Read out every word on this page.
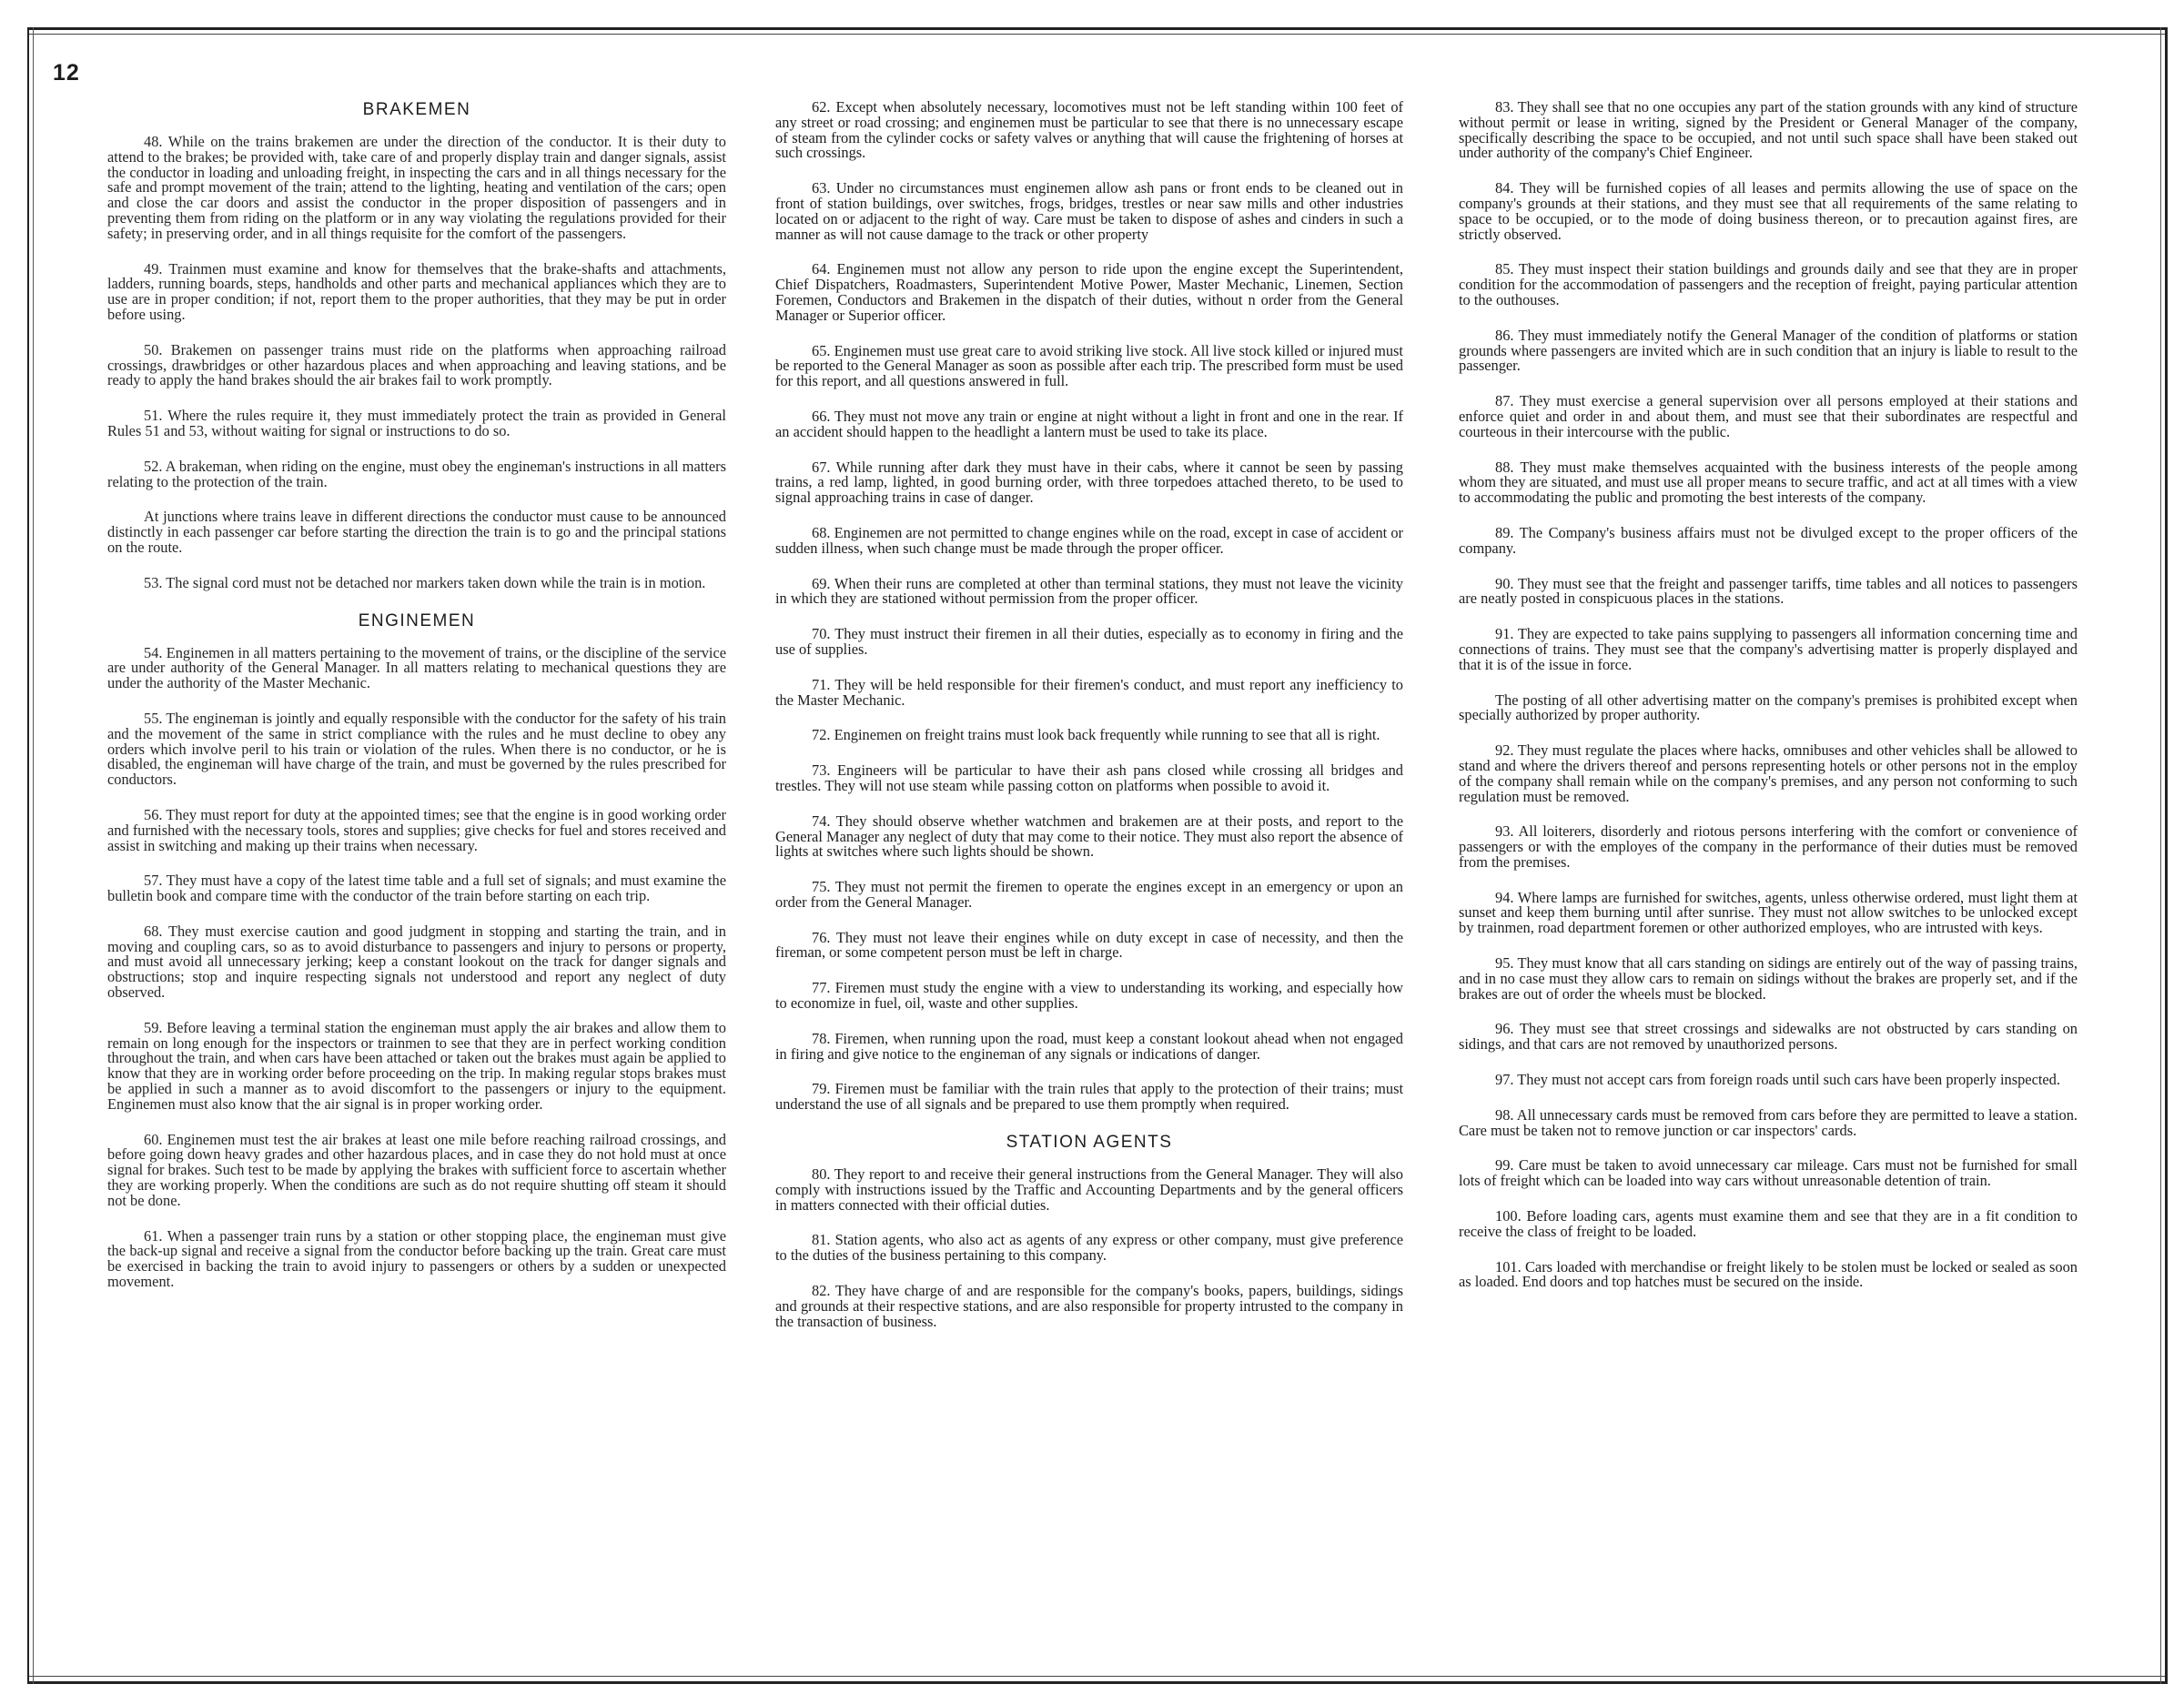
12
BRAKEMEN

48. While on the trains brakemen are under the direction of the conductor. It is their duty to attend to the brakes; be provided with, take care of and properly display train and danger signals, assist the conductor in loading and unloading freight, in inspecting the cars and in all things necessary for the safe and prompt movement of the train; attend to the lighting, heating and ventilation of the cars; open and close the car doors and assist the conductor in the proper disposition of passengers and in preventing them from riding on the platform or in any way violating the regulations provided for their safety; in preserving order, and in all things requisite for the comfort of the passengers.

49. Trainmen must examine and know for themselves that the brake-shafts and attachments, ladders, running boards, steps, handholds and other parts and mechanical appliances which they are to use are in proper condition; if not, report them to the proper authorities, that they may be put in order before using.

50. Brakemen on passenger trains must ride on the platforms when approaching railroad crossings, drawbridges or other hazardous places and when approaching and leaving stations, and be ready to apply the hand brakes should the air brakes fail to work promptly.

51. Where the rules require it, they must immediately protect the train as provided in General Rules 51 and 53, without waiting for signal or instructions to do so.

52. A brakeman, when riding on the engine, must obey the engineman's instructions in all matters relating to the protection of the train.

At junctions where trains leave in different directions the conductor must cause to be announced distinctly in each passenger car before starting the direction the train is to go and the principal stations on the route.

53. The signal cord must not be detached nor markers taken down while the train is in motion.

ENGINEMEN

54. Enginemen in all matters pertaining to the movement of trains, or the discipline of the service are under authority of the General Manager. In all matters relating to mechanical questions they are under the authority of the Master Mechanic.

55. The engineman is jointly and equally responsible with the conductor for the safety of his train and the movement of the same in strict compliance with the rules and he must decline to obey any orders which involve peril to his train or violation of the rules. When there is no conductor, or he is disabled, the engineman will have charge of the train, and must be governed by the rules prescribed for conductors.

56. They must report for duty at the appointed times; see that the engine is in good working order and furnished with the necessary tools, stores and supplies; give checks for fuel and stores received and assist in switching and making up their trains when necessary.

57. They must have a copy of the latest time table and a full set of signals; and must examine the bulletin book and compare time with the conductor of the train before starting on each trip.

68. They must exercise caution and good judgment in stopping and starting the train, and in moving and coupling cars, so as to avoid disturbance to passengers and injury to persons or property, and must avoid all unnecessary jerking; keep a constant lookout on the track for danger signals and obstructions; stop and inquire respecting signals not understood and report any neglect of duty observed.

59. Before leaving a terminal station the engineman must apply the air brakes and allow them to remain on long enough for the inspectors or trainmen to see that they are in perfect working condition throughout the train, and when cars have been attached or taken out the brakes must again be applied to know that they are in working order before proceeding on the trip. In making regular stops brakes must be applied in such a manner as to avoid discomfort to the passengers or injury to the equipment. Enginemen must also know that the air signal is in proper working order.

60. Enginemen must test the air brakes at least one mile before reaching railroad crossings, and before going down heavy grades and other hazardous places, and in case they do not hold must at once signal for brakes. Such test to be made by applying the brakes with sufficient force to ascertain whether they are working properly. When the conditions are such as do not require shutting off steam it should not be done.

61. When a passenger train runs by a station or other stopping place, the engineman must give the back-up signal and receive a signal from the conductor before backing up the train. Great care must be exercised in backing the train to avoid injury to passengers or others by a sudden or unexpected movement.

62. Except when absolutely necessary, locomotives must not be left standing within 100 feet of any street or road crossing; and enginemen must be particular to see that there is no unnecessary escape of steam from the cylinder cocks or safety valves or anything that will cause the frightening of horses at such crossings.

63. Under no circumstances must enginemen allow ash pans or front ends to be cleaned out in front of station buildings, over switches, frogs, bridges, trestles or near saw mills and other industries located on or adjacent to the right of way. Care must be taken to dispose of ashes and cinders in such a manner as will not cause damage to the track or other property

64. Enginemen must not allow any person to ride upon the engine except the Superintendent, Chief Dispatchers, Roadmasters, Superintendent Motive Power, Master Mechanic, Linemen, Section Foremen, Conductors and Brakemen in the dispatch of their duties, without n order from the General Manager or Superior officer.

65. Enginemen must use great care to avoid striking live stock. All live stock killed or injured must be reported to the General Manager as soon as possible after each trip. The prescribed form must be used for this report, and all questions answered in full.

66. They must not move any train or engine at night without a light in front and one in the rear. If an accident should happen to the headlight a lantern must be used to take its place.

67. While running after dark they must have in their cabs, where it cannot be seen by passing trains, a red lamp, lighted, in good burning order, with three torpedoes attached thereto, to be used to signal approaching trains in case of danger.

68. Enginemen are not permitted to change engines while on the road, except in case of accident or sudden illness, when such change must be made through the proper officer.

69. When their runs are completed at other than terminal stations, they must not leave the vicinity in which they are stationed without permission from the proper officer.

70. They must instruct their firemen in all their duties, especially as to economy in firing and the use of supplies.

71. They will be held responsible for their firemen's conduct, and must report any inefficiency to the Master Mechanic.

72. Enginemen on freight trains must look back frequently while running to see that all is right.

73. Engineers will be particular to have their ash pans closed while crossing all bridges and trestles. They will not use steam while passing cotton on platforms when possible to avoid it.

74. They should observe whether watchmen and brakemen are at their posts, and report to the General Manager any neglect of duty that may come to their notice. They must also report the absence of lights at switches where such lights should be shown.

75. They must not permit the firemen to operate the engines except in an emergency or upon an order from the General Manager.

76. They must not leave their engines while on duty except in case of necessity, and then the fireman, or some competent person must be left in charge.

77. Firemen must study the engine with a view to understanding its working, and especially how to economize in fuel, oil, waste and other supplies.

78. Firemen, when running upon the road, must keep a constant lookout ahead when not engaged in firing and give notice to the engineman of any signals or indications of danger.

79. Firemen must be familiar with the train rules that apply to the protection of their trains; must understand the use of all signals and be prepared to use them promptly when required.

STATION AGENTS

80. They report to and receive their general instructions from the General Manager. They will also comply with instructions issued by the Traffic and Accounting Departments and by the general officers in matters connected with their official duties.

81. Station agents, who also act as agents of any express or other company, must give preference to the duties of the business pertaining to this company.

82. They have charge of and are responsible for the company's books, papers, buildings, sidings and grounds at their respective stations, and are also responsible for property intrusted to the company in the transaction of business.

83. They shall see that no one occupies any part of the station grounds with any kind of structure without permit or lease in writing, signed by the President or General Manager of the company, specifically describing the space to be occupied, and not until such space shall have been staked out under authority of the company's Chief Engineer.

84. They will be furnished copies of all leases and permits allowing the use of space on the company's grounds at their stations, and they must see that all requirements of the same relating to space to be occupied, or to the mode of doing business thereon, or to precaution against fires, are strictly observed.

85. They must inspect their station buildings and grounds daily and see that they are in proper condition for the accommodation of passengers and the reception of freight, paying particular attention to the outhouses.

86. They must immediately notify the General Manager of the condition of platforms or station grounds where passengers are invited which are in such condition that an injury is liable to result to the passenger.

87. They must exercise a general supervision over all persons employed at their stations and enforce quiet and order in and about them, and must see that their subordinates are respectful and courteous in their intercourse with the public.

88. They must make themselves acquainted with the business interests of the people among whom they are situated, and must use all proper means to secure traffic, and act at all times with a view to accommodating the public and promoting the best interests of the company.

89. The Company's business affairs must not be divulged except to the proper officers of the company.

90. They must see that the freight and passenger tariffs, time tables and all notices to passengers are neatly posted in conspicuous places in the stations.

91. They are expected to take pains supplying to passengers all information concerning time and connections of trains. They must see that the company's advertising matter is properly displayed and that it is of the issue in force.

The posting of all other advertising matter on the company's premises is prohibited except when specially authorized by proper authority.

92. They must regulate the places where hacks, omnibuses and other vehicles shall be allowed to stand and where the drivers thereof and persons representing hotels or other persons not in the employ of the company shall remain while on the company's premises, and any person not conforming to such regulation must be removed.

93. All loiterers, disorderly and riotous persons interfering with the comfort or convenience of passengers or with the employes of the company in the performance of their duties must be removed from the premises.

94. Where lamps are furnished for switches, agents, unless otherwise ordered, must light them at sunset and keep them burning until after sunrise. They must not allow switches to be unlocked except by trainmen, road department foremen or other authorized employes, who are intrusted with keys.

95. They must know that all cars standing on sidings are entirely out of the way of passing trains, and in no case must they allow cars to remain on sidings without the brakes are properly set, and if the brakes are out of order the wheels must be blocked.

96. They must see that street crossings and sidewalks are not obstructed by cars standing on sidings, and that cars are not removed by unauthorized persons.

97. They must not accept cars from foreign roads until such cars have been properly inspected.

98. All unnecessary cards must be removed from cars before they are permitted to leave a station. Care must be taken not to remove junction or car inspectors' cards.

99. Care must be taken to avoid unnecessary car mileage. Cars must not be furnished for small lots of freight which can be loaded into way cars without unreasonable detention of train.

100. Before loading cars, agents must examine them and see that they are in a fit condition to receive the class of freight to be loaded.

101. Cars loaded with merchandise or freight likely to be stolen must be locked or sealed as soon as loaded. End doors and top hatches must be secured on the inside.
